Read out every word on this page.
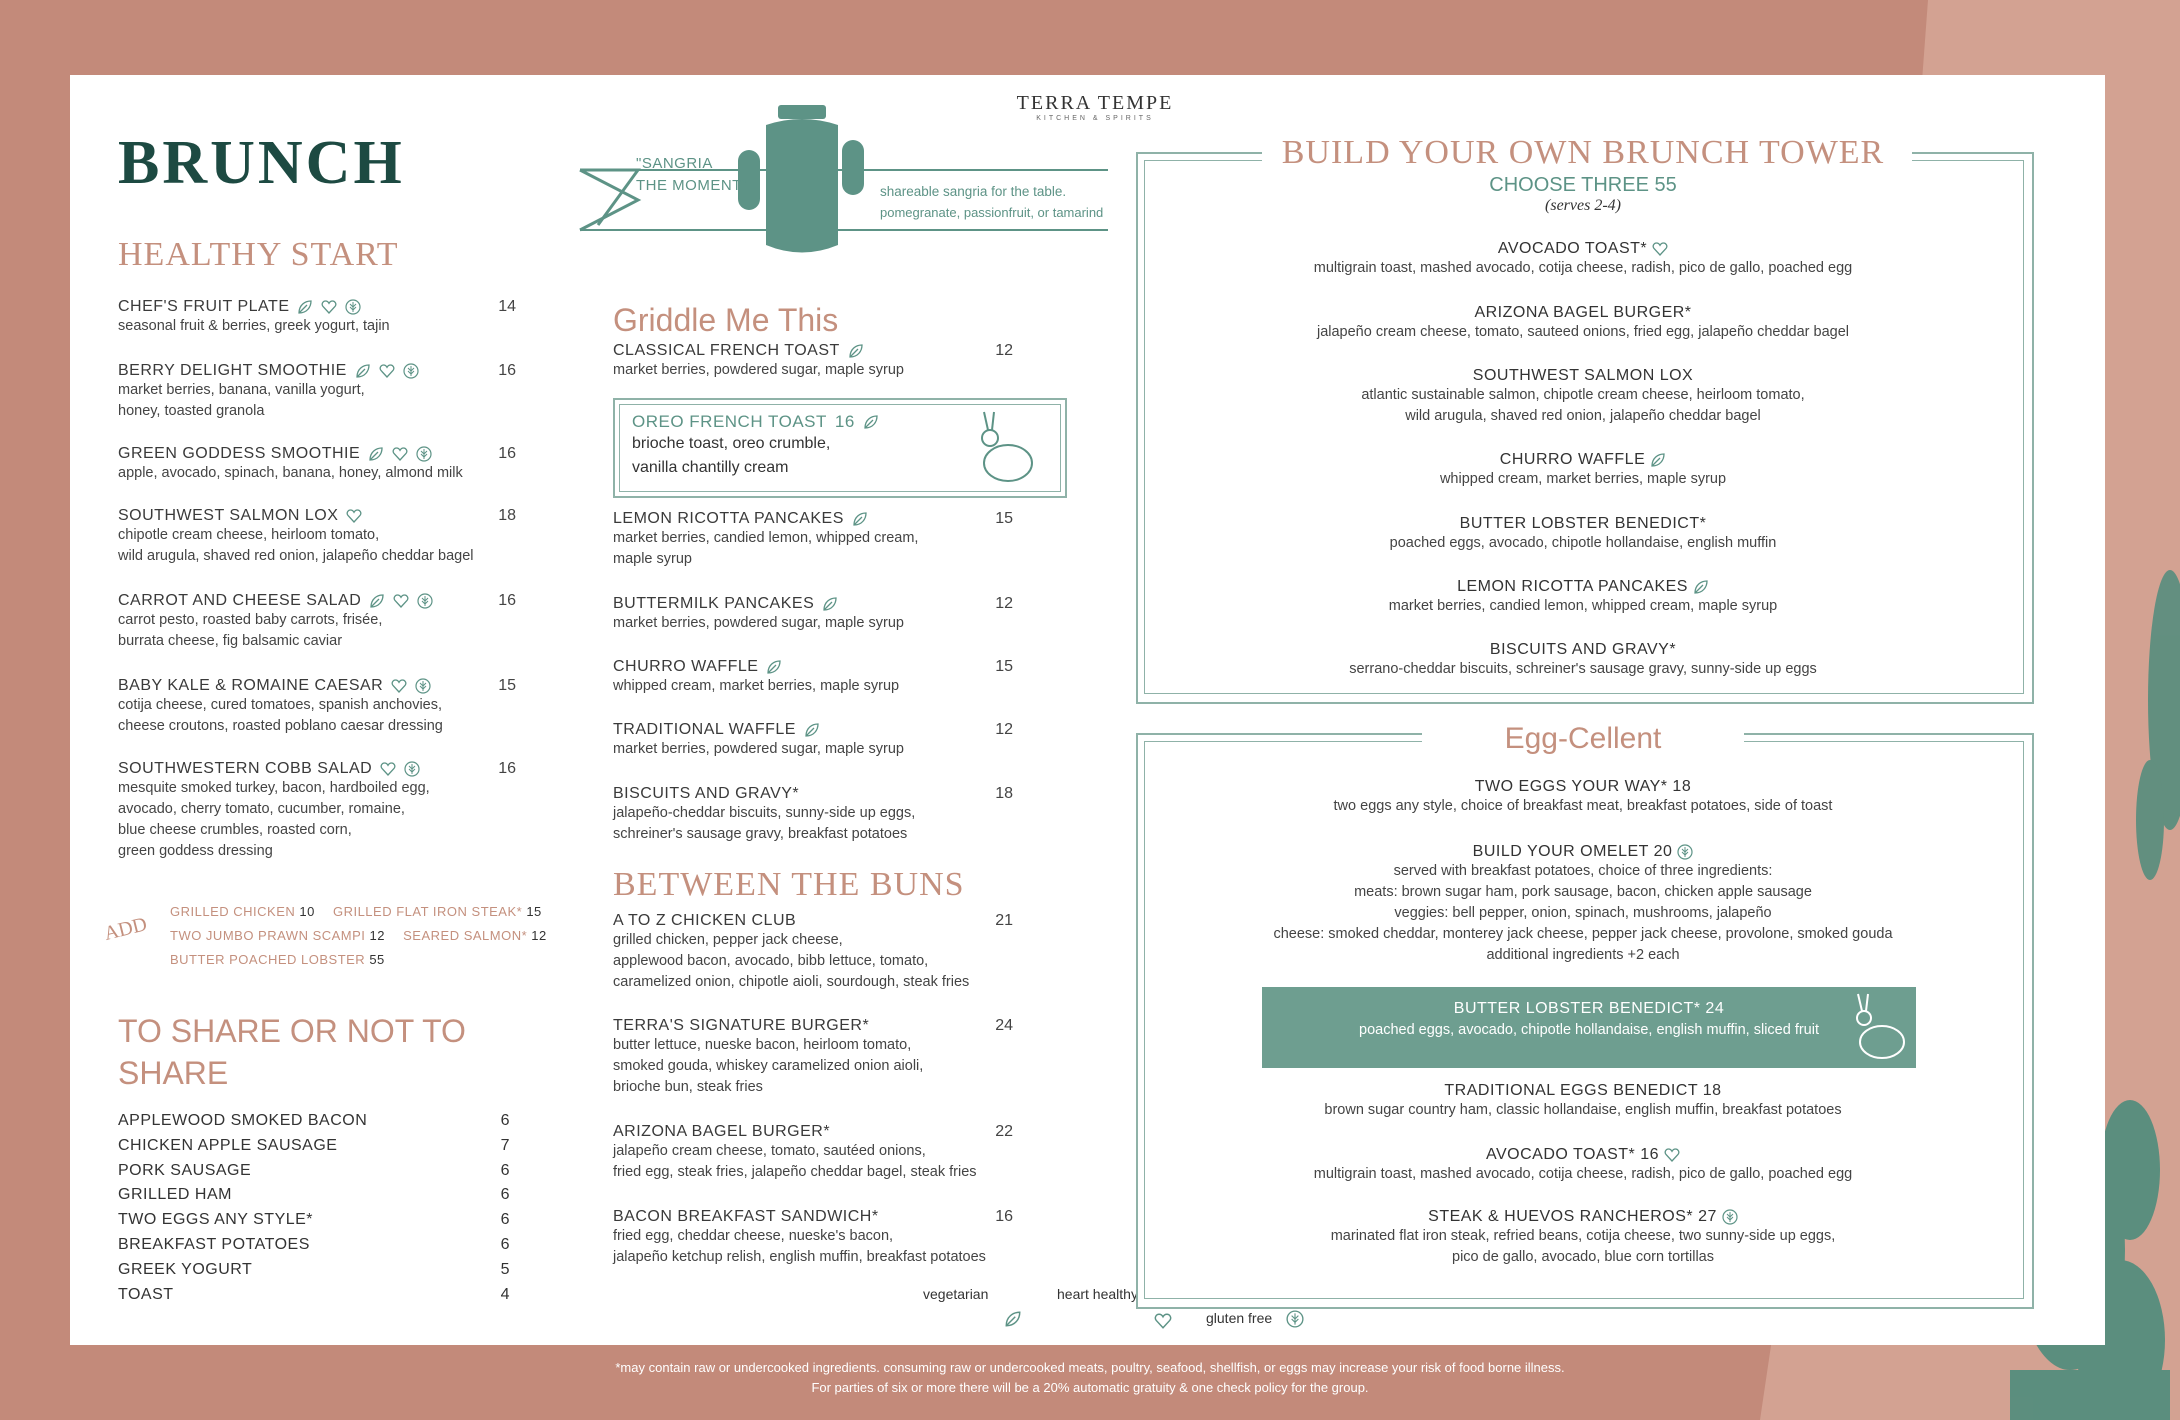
BRUNCH
TERRA TEMPE
KITCHEN & SPIRITS
"SANGRIA
THE MOMENT"	shareable sangria for the table.
pomegranate, passionfruit, or tamarind
HEALTHY START
CHEF'S FRUIT PLATE	14
seasonal fruit & berries, greek yogurt, tajin
BERRY DELIGHT SMOOTHIE	16
market berries, banana, vanilla yogurt,
honey, toasted granola
GREEN GODDESS SMOOTHIE	16
apple, avocado, spinach, banana, honey, almond milk
SOUTHWEST SALMON LOX	18
chipotle cream cheese, heirloom tomato,
wild arugula, shaved red onion, jalapeño cheddar bagel
CARROT AND CHEESE SALAD	16
carrot pesto, roasted baby carrots, frisée,
burrata cheese, fig balsamic caviar
BABY KALE & ROMAINE CAESAR	15
cotija cheese, cured tomatoes, spanish anchovies,
cheese croutons, roasted poblano caesar dressing
SOUTHWESTERN COBB SALAD	16
mesquite smoked turkey, bacon, hardboiled egg,
avocado, cherry tomato, cucumber, romaine,
blue cheese crumbles, roasted corn,
green goddess dressing
ADD
GRILLED CHICKEN 10 GRILLED FLAT IRON STEAK* 15
TWO JUMBO PRAWN SCAMPI 12 SEARED SALMON* 12
BUTTER POACHED LOBSTER 55
TO SHARE OR NOT TO
SHARE
APPLEWOOD SMOKED BACON	6
CHICKEN APPLE SAUSAGE	7
PORK SAUSAGE	6
GRILLED HAM	6
TWO EGGS ANY STYLE*	6
BREAKFAST POTATOES	6
GREEK YOGURT	5
TOAST	4
Griddle Me This
CLASSICAL FRENCH TOAST	12
market berries, powdered sugar, maple syrup
LEMON RICOTTA PANCAKES	15
market berries, candied lemon, whipped cream,
maple syrup
BUTTERMILK PANCAKES	12
market berries, powdered sugar, maple syrup
CHURRO WAFFLE	15
whipped cream, market berries, maple syrup
TRADITIONAL WAFFLE	12
market berries, powdered sugar, maple syrup
BISCUITS AND GRAVY*	18
jalapeño-cheddar biscuits, sunny-side up eggs,
schreiner's sausage gravy, breakfast potatoes
OREO FRENCH TOAST 16
brioche toast, oreo crumble,
vanilla chantilly cream
BETWEEN THE BUNS
A TO Z CHICKEN CLUB	21
grilled chicken, pepper jack cheese,
applewood bacon, avocado, bibb lettuce, tomato,
caramelized onion, chipotle aioli, sourdough, steak fries
TERRA'S SIGNATURE BURGER*	24
butter lettuce, nueske bacon, heirloom tomato,
smoked gouda, whiskey caramelized onion aioli,
brioche bun, steak fries
ARIZONA BAGEL BURGER*	22
jalapeño cream cheese, tomato, sautéed onions,
fried egg, steak fries, jalapeño cheddar bagel, steak fries
BACON BREAKFAST SANDWICH*	16
fried egg, cheddar cheese, nueske's bacon,
jalapeño ketchup relish, english muffin, breakfast potatoes
vegetarian	heart healthy
gluten free
BUILD YOUR OWN BRUNCH TOWER
CHOOSE THREE 55
(serves 2-4)
AVOCADO TOAST*
multigrain toast, mashed avocado, cotija cheese, radish, pico de gallo, poached egg
ARIZONA BAGEL BURGER*
jalapeño cream cheese, tomato, sauteed onions, fried egg, jalapeño cheddar bagel
SOUTHWEST SALMON LOX
atlantic sustainable salmon, chipotle cream cheese, heirloom tomato,
wild arugula, shaved red onion, jalapeño cheddar bagel
CHURRO WAFFLE
whipped cream, market berries, maple syrup
BUTTER LOBSTER BENEDICT*
poached eggs, avocado, chipotle hollandaise, english muffin
LEMON RICOTTA PANCAKES
market berries, candied lemon, whipped cream, maple syrup
BISCUITS AND GRAVY*
serrano-cheddar biscuits, schreiner's sausage gravy, sunny-side up eggs
Egg-Cellent
TWO EGGS YOUR WAY* 18
two eggs any style, choice of breakfast meat, breakfast potatoes, side of toast
BUILD YOUR OMELET 20
served with breakfast potatoes, choice of three ingredients:
meats: brown sugar ham, pork sausage, bacon, chicken apple sausage
veggies: bell pepper, onion, spinach, mushrooms, jalapeño
cheese: smoked cheddar, monterey jack cheese, pepper jack cheese, provolone, smoked gouda
additional ingredients +2 each
TRADITIONAL EGGS BENEDICT 18
brown sugar country ham, classic hollandaise, english muffin, breakfast potatoes
AVOCADO TOAST* 16
multigrain toast, mashed avocado, cotija cheese, radish, pico de gallo, poached egg
STEAK & HUEVOS RANCHEROS* 27
marinated flat iron steak, refried beans, cotija cheese, two sunny-side up eggs,
pico de gallo, avocado, blue corn tortillas
BUTTER LOBSTER BENEDICT* 24
poached eggs, avocado, chipotle hollandaise, english muffin, sliced fruit
*may contain raw or undercooked ingredients. consuming raw or undercooked meats, poultry, seafood, shellfish, or eggs may increase your risk of food borne illness.
For parties of six or more there will be a 20% automatic gratuity & one check policy for the group.
